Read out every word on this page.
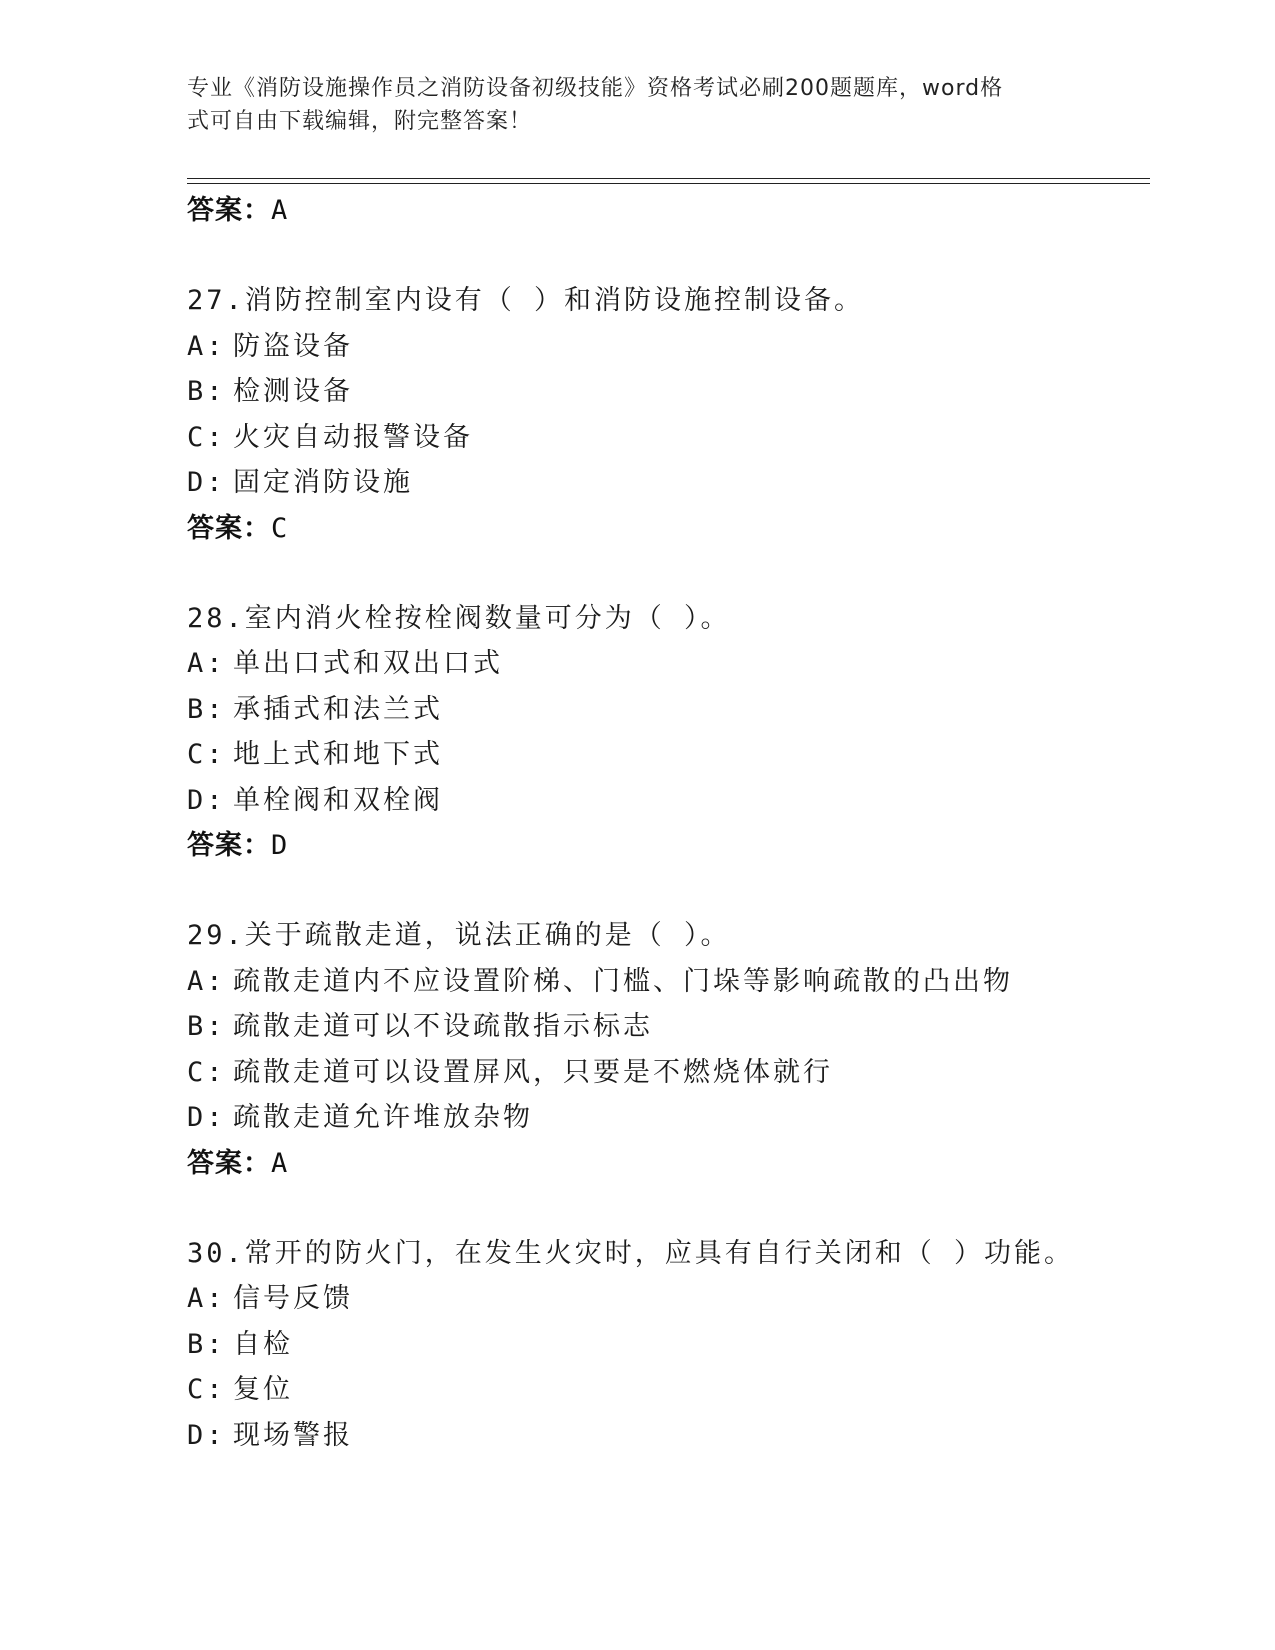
专业《消防设施操作员之消防设备初级技能》资格考试必刷200题题库，word格
式可自由下载编辑，附完整答案！

答案：A

27.消防控制室内设有（ ）和消防设施控制设备。

A: 防盗设备

B: 检测设备

C: 火灾自动报警设备

D: 固定消防设施

答案：C

28.室内消火栓按栓阀数量可分为（ ）。

A: 单出口式和双出口式

B: 承插式和法兰式

C: 地上式和地下式

D: 单栓阀和双栓阀

答案：D

29.关于疏散走道，说法正确的是（ ）。

A: 疏散走道内不应设置阶梯、门槛、门垛等影响疏散的凸出物

B: 疏散走道可以不设疏散指示标志

C: 疏散走道可以设置屏风，只要是不燃烧体就行

D: 疏散走道允许堆放杂物

答案：A

30.常开的防火门，在发生火灾时，应具有自行关闭和（ ）功能。

A: 信号反馈

B: 自检

C: 复位

D: 现场警报
